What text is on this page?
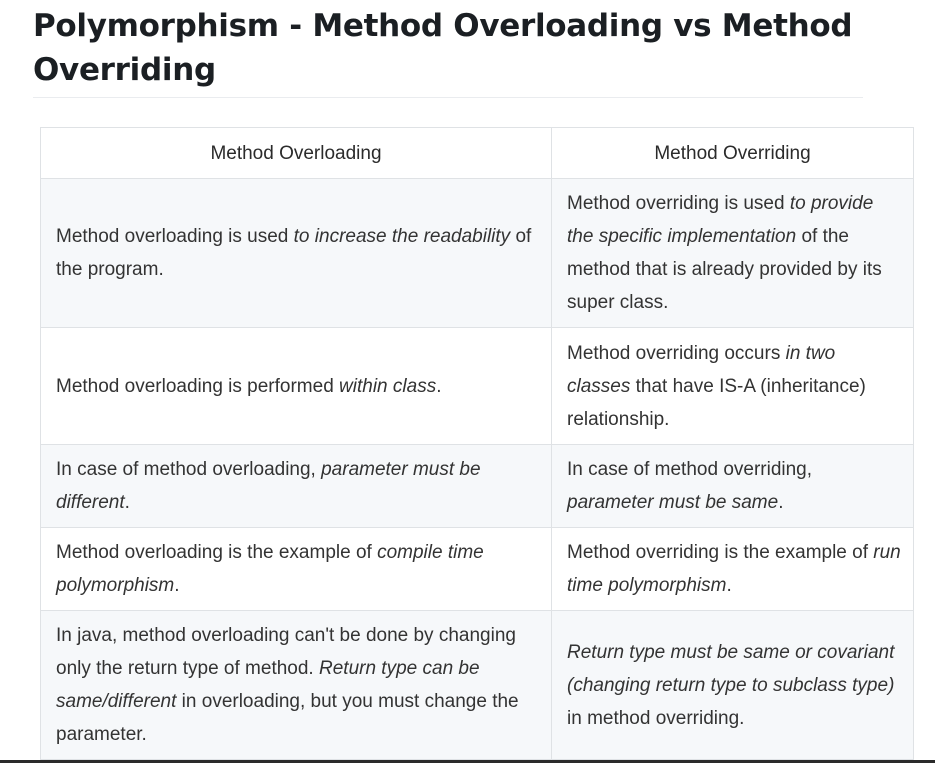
Polymorphism - Method Overloading vs Method
Overriding
Method Overloading	Method Overriding
Method overloading is used to increase the readability of the program.	Method overriding is used to provide the specific implementation of the method that is already provided by its super class.
Method overloading is performed within class.	Method overriding occurs in two classes that have IS-A (inheritance) relationship.
In case of method overloading, parameter must be different.	In case of method overriding, parameter must be same.
Method overloading is the example of compile time polymorphism.	Method overriding is the example of run time polymorphism.
In java, method overloading can't be done by changing only the return type of method. Return type can be same/different in overloading, but you must change the parameter.	Return type must be same or covariant (changing return type to subclass type) in method overriding.
